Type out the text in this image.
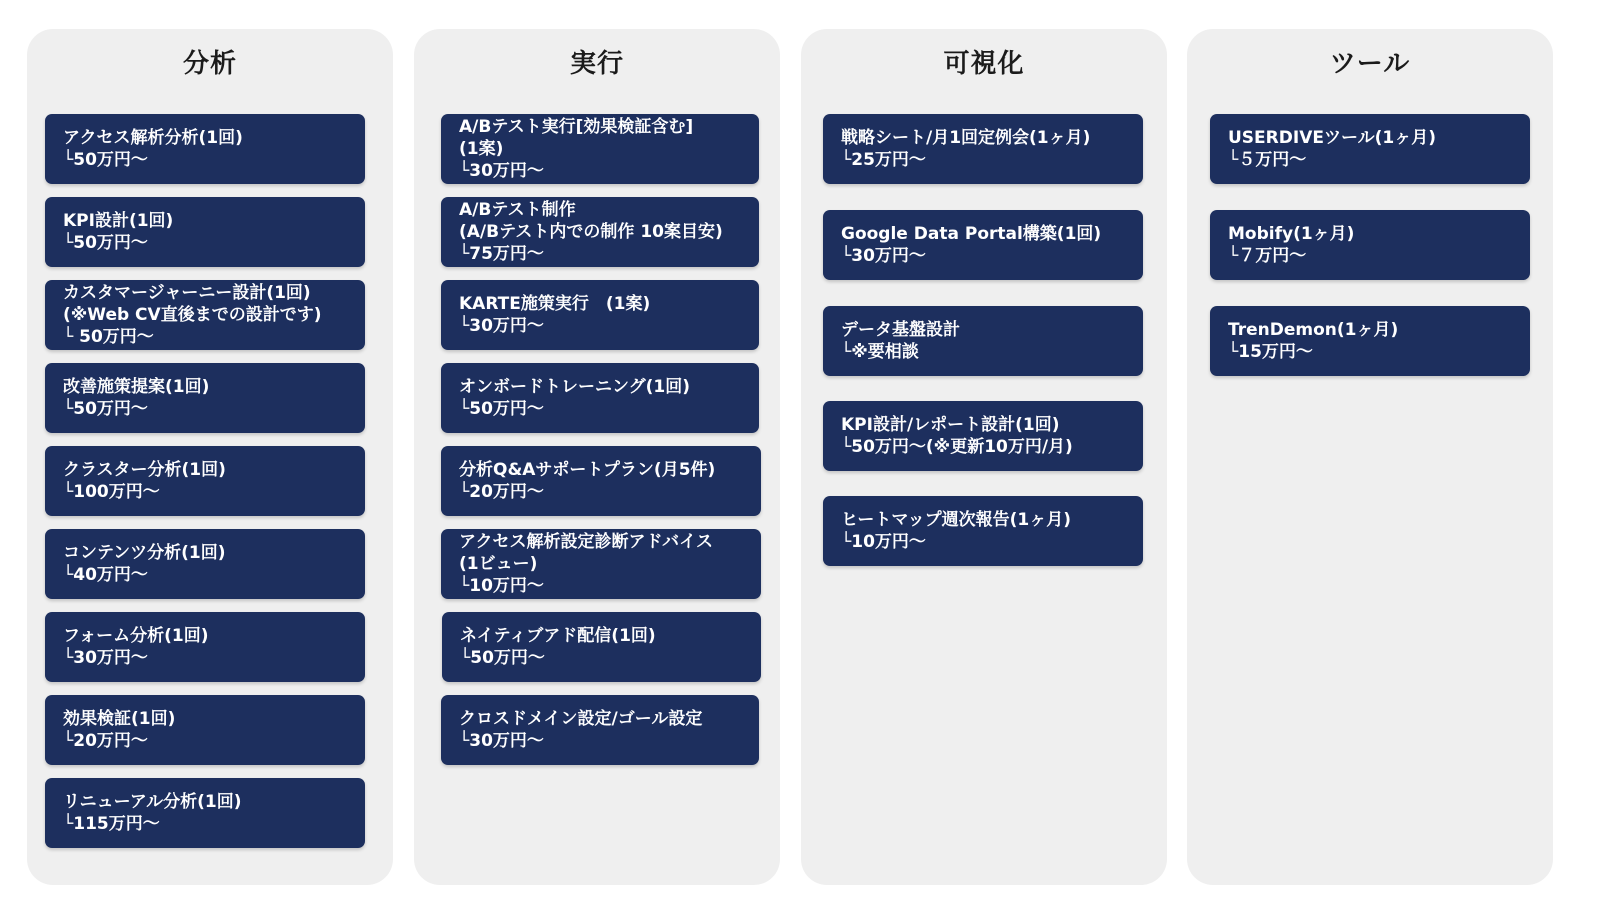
分析
アクセス解析分析(1回)
└50万円〜
KPI設計(1回)
└50万円〜
カスタマージャーニー設計(1回)
(※Web CV直後までの設計です)
└ 50万円〜
改善施策提案(1回)
└50万円〜
クラスター分析(1回)
└100万円〜
コンテンツ分析(1回)
└40万円〜
フォーム分析(1回)
└30万円〜
効果検証(1回)
└20万円〜
リニューアル分析(1回)
└115万円〜
実行
A/Bテスト実行[効果検証含む]
(1案)
└30万円〜
A/Bテスト制作
(A/Bテスト内での制作 10案目安)
└75万円〜
KARTE施策実行　(1案)
└30万円〜
オンボードトレーニング(1回)
└50万円〜
分析Q&Aサポートプラン(月5件)
└20万円〜
アクセス解析設定診断アドバイス
(1ビュー)
└10万円〜
ネイティブアド配信(1回)
└50万円〜
クロスドメイン設定/ゴール設定
└30万円〜
可視化
戦略シート/月1回定例会(1ヶ月)
└25万円〜
Google Data Portal構築(1回)
└30万円〜
データ基盤設計
└※要相談
KPI設計/レポート設計(1回)
└50万円〜(※更新10万円/月)
ヒートマップ週次報告(1ヶ月)
└10万円〜
ツール
USERDIVEツール(1ヶ月)
└５万円〜
Mobify(1ヶ月)
└７万円〜
TrenDemon(1ヶ月)
└15万円〜
